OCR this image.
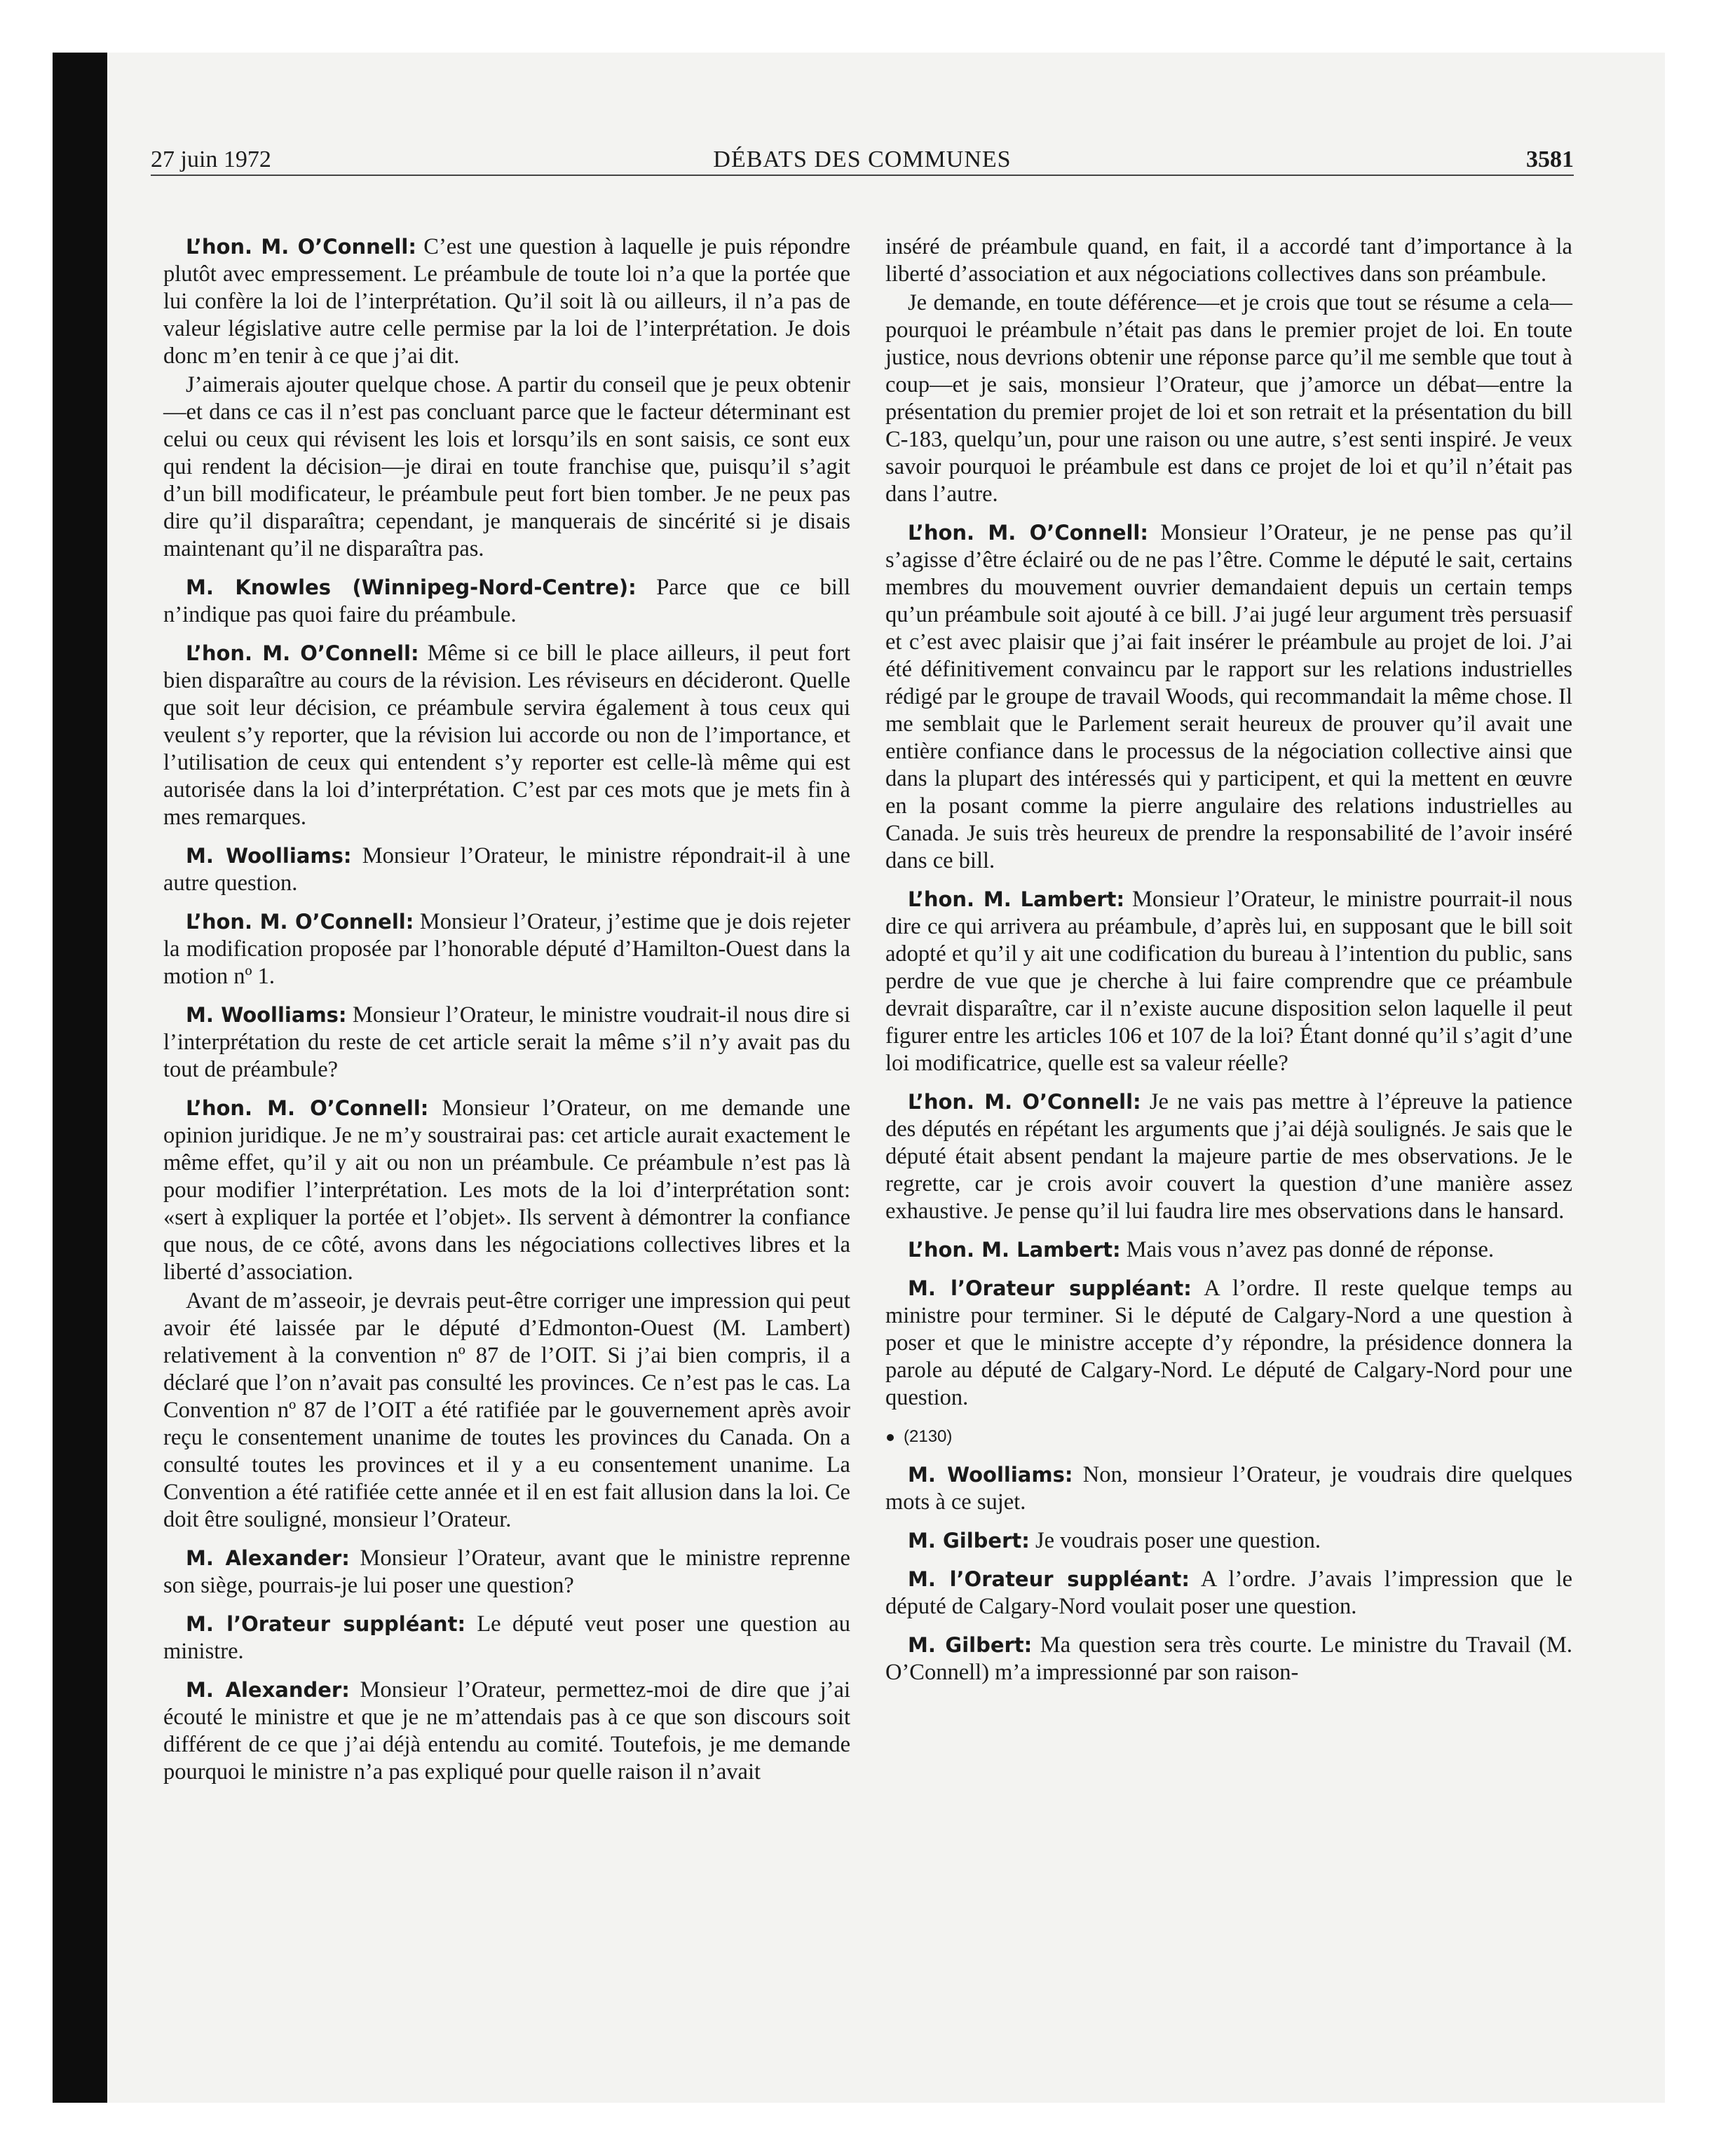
27 juin 1972	DÉBATS DES COMMUNES	3581

L’hon. M. O’Connell: C’est une question à laquelle je puis répondre plutôt avec empressement. Le préambule de toute loi n’a que la portée que lui confère la loi de l’interprétation. Qu’il soit là ou ailleurs, il n’a pas de valeur législative autre celle permise par la loi de l’interprétation. Je dois donc m’en tenir à ce que j’ai dit.

J’aimerais ajouter quelque chose. A partir du conseil que je peux obtenir—et dans ce cas il n’est pas concluant parce que le facteur déterminant est celui ou ceux qui révisent les lois et lorsqu’ils en sont saisis, ce sont eux qui rendent la décision—je dirai en toute franchise que, puisqu’il s’agit d’un bill modificateur, le préambule peut fort bien tomber. Je ne peux pas dire qu’il disparaîtra; cependant, je manquerais de sincérité si je disais maintenant qu’il ne disparaîtra pas.

M. Knowles (Winnipeg-Nord-Centre): Parce que ce bill n’indique pas quoi faire du préambule.

L’hon. M. O’Connell: Même si ce bill le place ailleurs, il peut fort bien disparaître au cours de la révision. Les réviseurs en décideront. Quelle que soit leur décision, ce préambule servira également à tous ceux qui veulent s’y reporter, que la révision lui accorde ou non de l’importance, et l’utilisation de ceux qui entendent s’y reporter est celle-là même qui est autorisée dans la loi d’interprétation. C’est par ces mots que je mets fin à mes remarques.

M. Woolliams: Monsieur l’Orateur, le ministre répondrait-il à une autre question.

L’hon. M. O’Connell: Monsieur l’Orateur, j’estime que je dois rejeter la modification proposée par l’honorable député d’Hamilton-Ouest dans la motion nº 1.

M. Woolliams: Monsieur l’Orateur, le ministre voudrait-il nous dire si l’interprétation du reste de cet article serait la même s’il n’y avait pas du tout de préambule?

L’hon. M. O’Connell: Monsieur l’Orateur, on me demande une opinion juridique. Je ne m’y soustrairai pas: cet article aurait exactement le même effet, qu’il y ait ou non un préambule. Ce préambule n’est pas là pour modifier l’interprétation. Les mots de la loi d’interprétation sont: «sert à expliquer la portée et l’objet». Ils servent à démontrer la confiance que nous, de ce côté, avons dans les négociations collectives libres et la liberté d’association.

Avant de m’asseoir, je devrais peut-être corriger une impression qui peut avoir été laissée par le député d’Edmonton-Ouest (M. Lambert) relativement à la convention nº 87 de l’OIT. Si j’ai bien compris, il a déclaré que l’on n’avait pas consulté les provinces. Ce n’est pas le cas. La Convention nº 87 de l’OIT a été ratifiée par le gouvernement après avoir reçu le consentement unanime de toutes les provinces du Canada. On a consulté toutes les provinces et il y a eu consentement unanime. La Convention a été ratifiée cette année et il en est fait allusion dans la loi. Ce doit être souligné, monsieur l’Orateur.

M. Alexander: Monsieur l’Orateur, avant que le ministre reprenne son siège, pourrais-je lui poser une question?

M. l’Orateur suppléant: Le député veut poser une question au ministre.

M. Alexander: Monsieur l’Orateur, permettez-moi de dire que j’ai écouté le ministre et que je ne m’attendais pas à ce que son discours soit différent de ce que j’ai déjà entendu au comité. Toutefois, je me demande pourquoi le ministre n’a pas expliqué pour quelle raison il n’avait

inséré de préambule quand, en fait, il a accordé tant d’importance à la liberté d’association et aux négociations collectives dans son préambule.

Je demande, en toute déférence—et je crois que tout se résume a cela—pourquoi le préambule n’était pas dans le premier projet de loi. En toute justice, nous devrions obtenir une réponse parce qu’il me semble que tout à coup—et je sais, monsieur l’Orateur, que j’amorce un débat—entre la présentation du premier projet de loi et son retrait et la présentation du bill C-183, quelqu’un, pour une raison ou une autre, s’est senti inspiré. Je veux savoir pourquoi le préambule est dans ce projet de loi et qu’il n’était pas dans l’autre.

L’hon. M. O’Connell: Monsieur l’Orateur, je ne pense pas qu’il s’agisse d’être éclairé ou de ne pas l’être. Comme le député le sait, certains membres du mouvement ouvrier demandaient depuis un certain temps qu’un préambule soit ajouté à ce bill. J’ai jugé leur argument très persuasif et c’est avec plaisir que j’ai fait insérer le préambule au projet de loi. J’ai été définitivement convaincu par le rapport sur les relations industrielles rédigé par le groupe de travail Woods, qui recommandait la même chose. Il me semblait que le Parlement serait heureux de prouver qu’il avait une entière confiance dans le processus de la négociation collective ainsi que dans la plupart des intéressés qui y participent, et qui la mettent en œuvre en la posant comme la pierre angulaire des relations industrielles au Canada. Je suis très heureux de prendre la responsabilité de l’avoir inséré dans ce bill.

L’hon. M. Lambert: Monsieur l’Orateur, le ministre pourrait-il nous dire ce qui arrivera au préambule, d’après lui, en supposant que le bill soit adopté et qu’il y ait une codification du bureau à l’intention du public, sans perdre de vue que je cherche à lui faire comprendre que ce préambule devrait disparaître, car il n’existe aucune disposition selon laquelle il peut figurer entre les articles 106 et 107 de la loi? Étant donné qu’il s’agit d’une loi modificatrice, quelle est sa valeur réelle?

L’hon. M. O’Connell: Je ne vais pas mettre à l’épreuve la patience des députés en répétant les arguments que j’ai déjà soulignés. Je sais que le député était absent pendant la majeure partie de mes observations. Je le regrette, car je crois avoir couvert la question d’une manière assez exhaustive. Je pense qu’il lui faudra lire mes observations dans le hansard.

L’hon. M. Lambert: Mais vous n’avez pas donné de réponse.

M. l’Orateur suppléant: A l’ordre. Il reste quelque temps au ministre pour terminer. Si le député de Calgary-Nord a une question à poser et que le ministre accepte d’y répondre, la présidence donnera la parole au député de Calgary-Nord. Le député de Calgary-Nord pour une question.

(2130)

M. Woolliams: Non, monsieur l’Orateur, je voudrais dire quelques mots à ce sujet.

M. Gilbert: Je voudrais poser une question.

M. l’Orateur suppléant: A l’ordre. J’avais l’impression que le député de Calgary-Nord voulait poser une question.

M. Gilbert: Ma question sera très courte. Le ministre du Travail (M. O’Connell) m’a impressionné par son raison-
